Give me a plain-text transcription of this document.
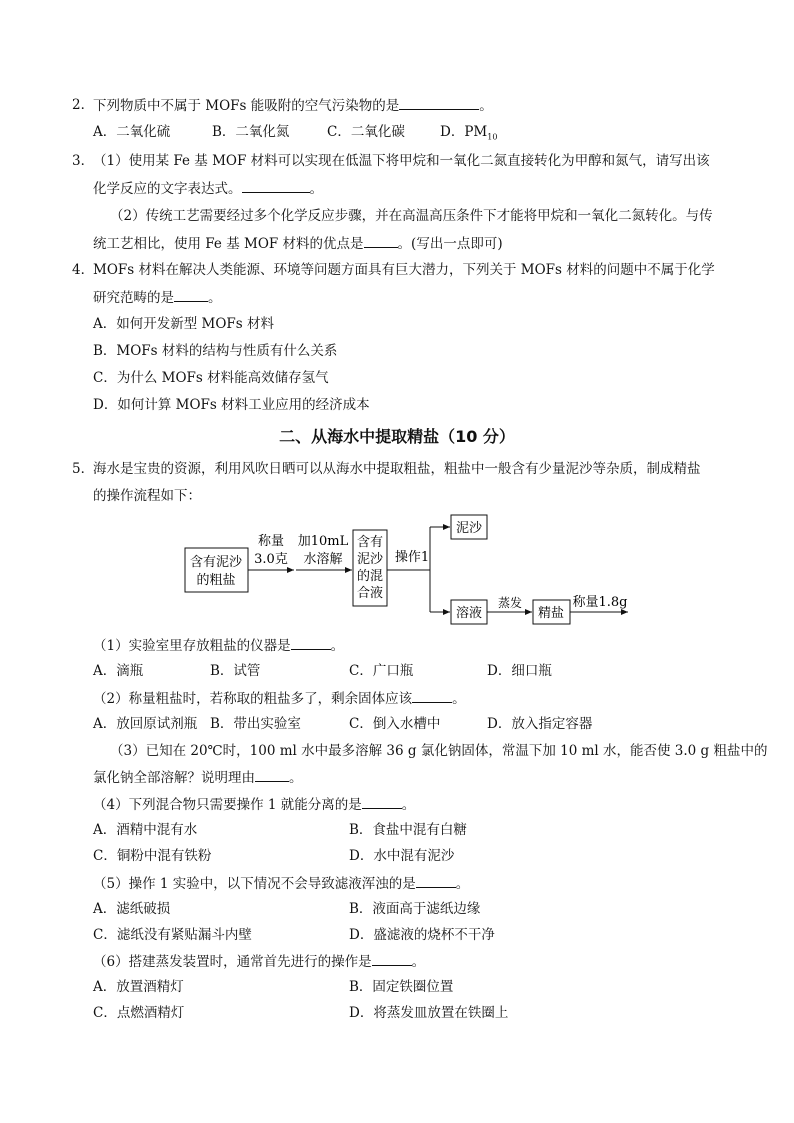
2．
下列物质中不属于 MOFs 能吸附的空气污染物的是	。
A．二氧化硫	B．二氧化氮	C．二氧化碳	D．$PM_{10}$
3．
（1）使用某 Fe 基 MOF 材料可以实现在低温下将甲烷和一氧化二氮直接转化为甲醇和氮气，请写出该
化学反应的文字表达式。	。
（2）传统工艺需要经过多个化学反应步骤，并在高温高压条件下才能将甲烷和一氧化二氮转化。与传
统工艺相比，使用 Fe 基 MOF 材料的优点是	。(写出一点即可)
4．
MOFs 材料在解决人类能源、环境等问题方面具有巨大潜力，下列关于 MOFs 材料的问题中不属于化学
研究范畴的是	。
A．如何开发新型 MOFs 材料
B．MOFs 材料的结构与性质有什么关系
C．为什么 MOFs 材料能高效储存氢气
D．如何计算 MOFs 材料工业应用的经济成本
二、从海水中提取精盐（10 分）
5．
海水是宝贵的资源，利用风吹日晒可以从海水中提取粗盐，粗盐中一般含有少量泥沙等杂质，制成精盐
的操作流程如下：
含有泥沙
的粗盐
称量
3.0克
加10mL
水溶解
含有
泥沙
的混
合液
操作1
泥沙
溶液
蒸发
精盐
称量1.8g
（1）实验室里存放粗盐的仪器是	。
A．滴瓶	B．试管	C．广口瓶	D．细口瓶
（2）称量粗盐时，若称取的粗盐多了，剩余固体应该	。
A．放回原试剂瓶 B．带出实验室	C．倒入水槽中	D．放入指定容器
（3）已知在 20℃时，100 ml 水中最多溶解 36 g 氯化钠固体，常温下加 10 ml 水，能否使 3.0 g 粗盐中的
氯化钠全部溶解？说明理由	。
（4）下列混合物只需要操作 1 就能分离的是	。
A．酒精中混有水	B．食盐中混有白糖
C．铜粉中混有铁粉	D．水中混有泥沙
（5）操作 1 实验中，以下情况不会导致滤液浑浊的是	。
A．滤纸破损	B．液面高于滤纸边缘
C．滤纸没有紧贴漏斗内壁	D．盛滤液的烧杯不干净
（6）搭建蒸发装置时，通常首先进行的操作是	。
A．放置酒精灯	B．固定铁圈位置
C．点燃酒精灯	D．将蒸发皿放置在铁圈上
